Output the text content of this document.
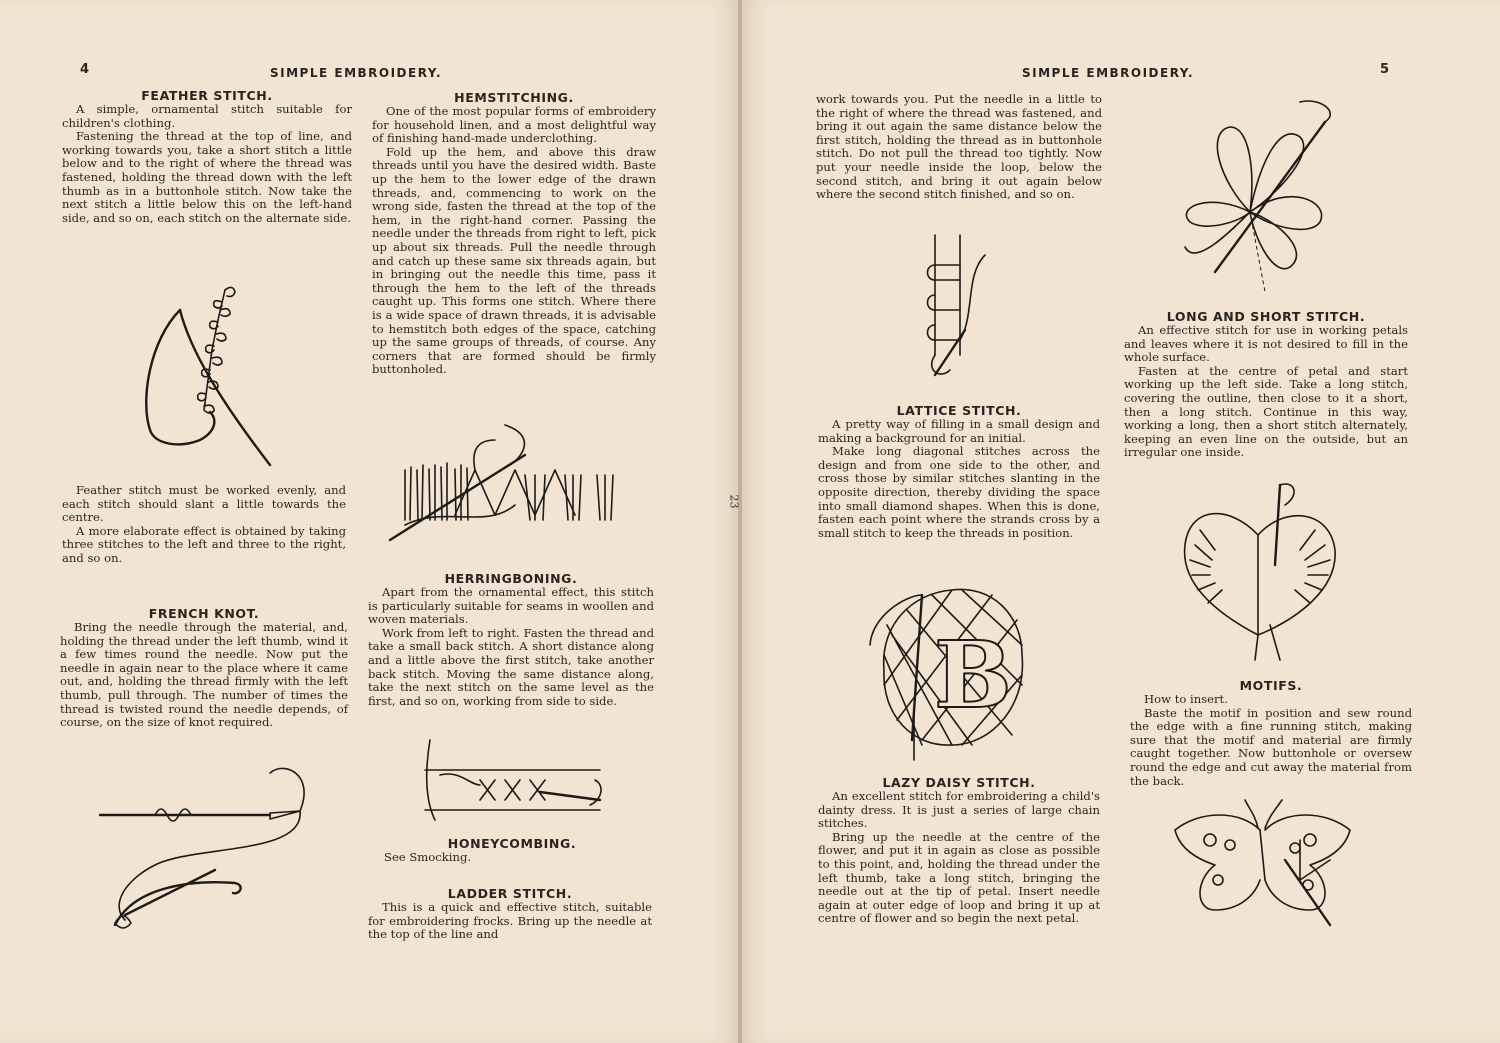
4	SIMPLE EMBROIDERY.	SIMPLE EMBROIDERY.	5
23
FEATHER STITCH.

A simple, ornamental stitch suitable for children's clothing.

Fastening the thread at the top of line, and working towards you, take a short stitch a little below and to the right of where the thread was fastened, holding the thread down with the left thumb as in a buttonhole stitch. Now take the next stitch a little below this on the left-hand side, and so on, each stitch on the alternate side.

Feather stitch must be worked evenly, and each stitch should slant a little towards the centre.

A more elaborate effect is obtained by taking three stitches to the left and three to the right, and so on.

FRENCH KNOT.

Bring the needle through the material, and, holding the thread under the left thumb, wind it a few times round the needle. Now put the needle in again near to the place where it came out, and, holding the thread firmly with the left thumb, pull through. The number of times the thread is twisted round the needle depends, of course, on the size of knot required.

HEMSTITCHING.

One of the most popular forms of embroidery for household linen, and a most delightful way of finishing hand-made underclothing.

Fold up the hem, and above this draw threads until you have the desired width. Baste up the hem to the lower edge of the drawn threads, and, commencing to work on the wrong side, fasten the thread at the top of the hem, in the right-hand corner. Passing the needle under the threads from right to left, pick up about six threads. Pull the needle through and catch up these same six threads again, but in bringing out the needle this time, pass it through the hem to the left of the threads caught up. This forms one stitch. Where there is a wide space of drawn threads, it is advisable to hemstitch both edges of the space, catching up the same groups of threads, of course. Any corners that are formed should be firmly buttonholed.

HERRINGBONING.

Apart from the ornamental effect, this stitch is particularly suitable for seams in woollen and woven materials.

Work from left to right. Fasten the thread and take a small back stitch. A short distance along and a little above the first stitch, take another back stitch. Moving the same distance along, take the next stitch on the same level as the first, and so on, working from side to side.

HONEYCOMBING.

See Smocking.

LADDER STITCH.

This is a quick and effective stitch, suitable for embroidering frocks. Bring up the needle at the top of the line and

work towards you. Put the needle in a little to the right of where the thread was fastened, and bring it out again the same distance below the first stitch, holding the thread as in buttonhole stitch. Do not pull the thread too tightly. Now put your needle inside the loop, below the second stitch, and bring it out again below where the second stitch finished, and so on.

LATTICE STITCH.

A pretty way of filling in a small design and making a background for an initial.

Make long diagonal stitches across the design and from one side to the other, and cross those by similar stitches slanting in the opposite direction, thereby dividing the space into small diamond shapes. When this is done, fasten each point where the strands cross by a small stitch to keep the threads in position.

B
LAZY DAISY STITCH.

An excellent stitch for embroidering a child's dainty dress. It is just a series of large chain stitches.

Bring up the needle at the centre of the flower, and put it in again as close as possible to this point, and, holding the thread under the left thumb, take a long stitch, bringing the needle out at the tip of petal. Insert needle again at outer edge of loop and bring it up at centre of flower and so begin the next petal.

LONG AND SHORT STITCH.

An effective stitch for use in working petals and leaves where it is not desired to fill in the whole surface.

Fasten at the centre of petal and start working up the left side. Take a long stitch, covering the outline, then close to it a short, then a long stitch. Continue in this way, working a long, then a short stitch alternately, keeping an even line on the outside, but an irregular one inside.

MOTIFS.

How to insert.

Baste the motif in position and sew round the edge with a fine running stitch, making sure that the motif and material are firmly caught together. Now buttonhole or oversew round the edge and cut away the material from the back.
